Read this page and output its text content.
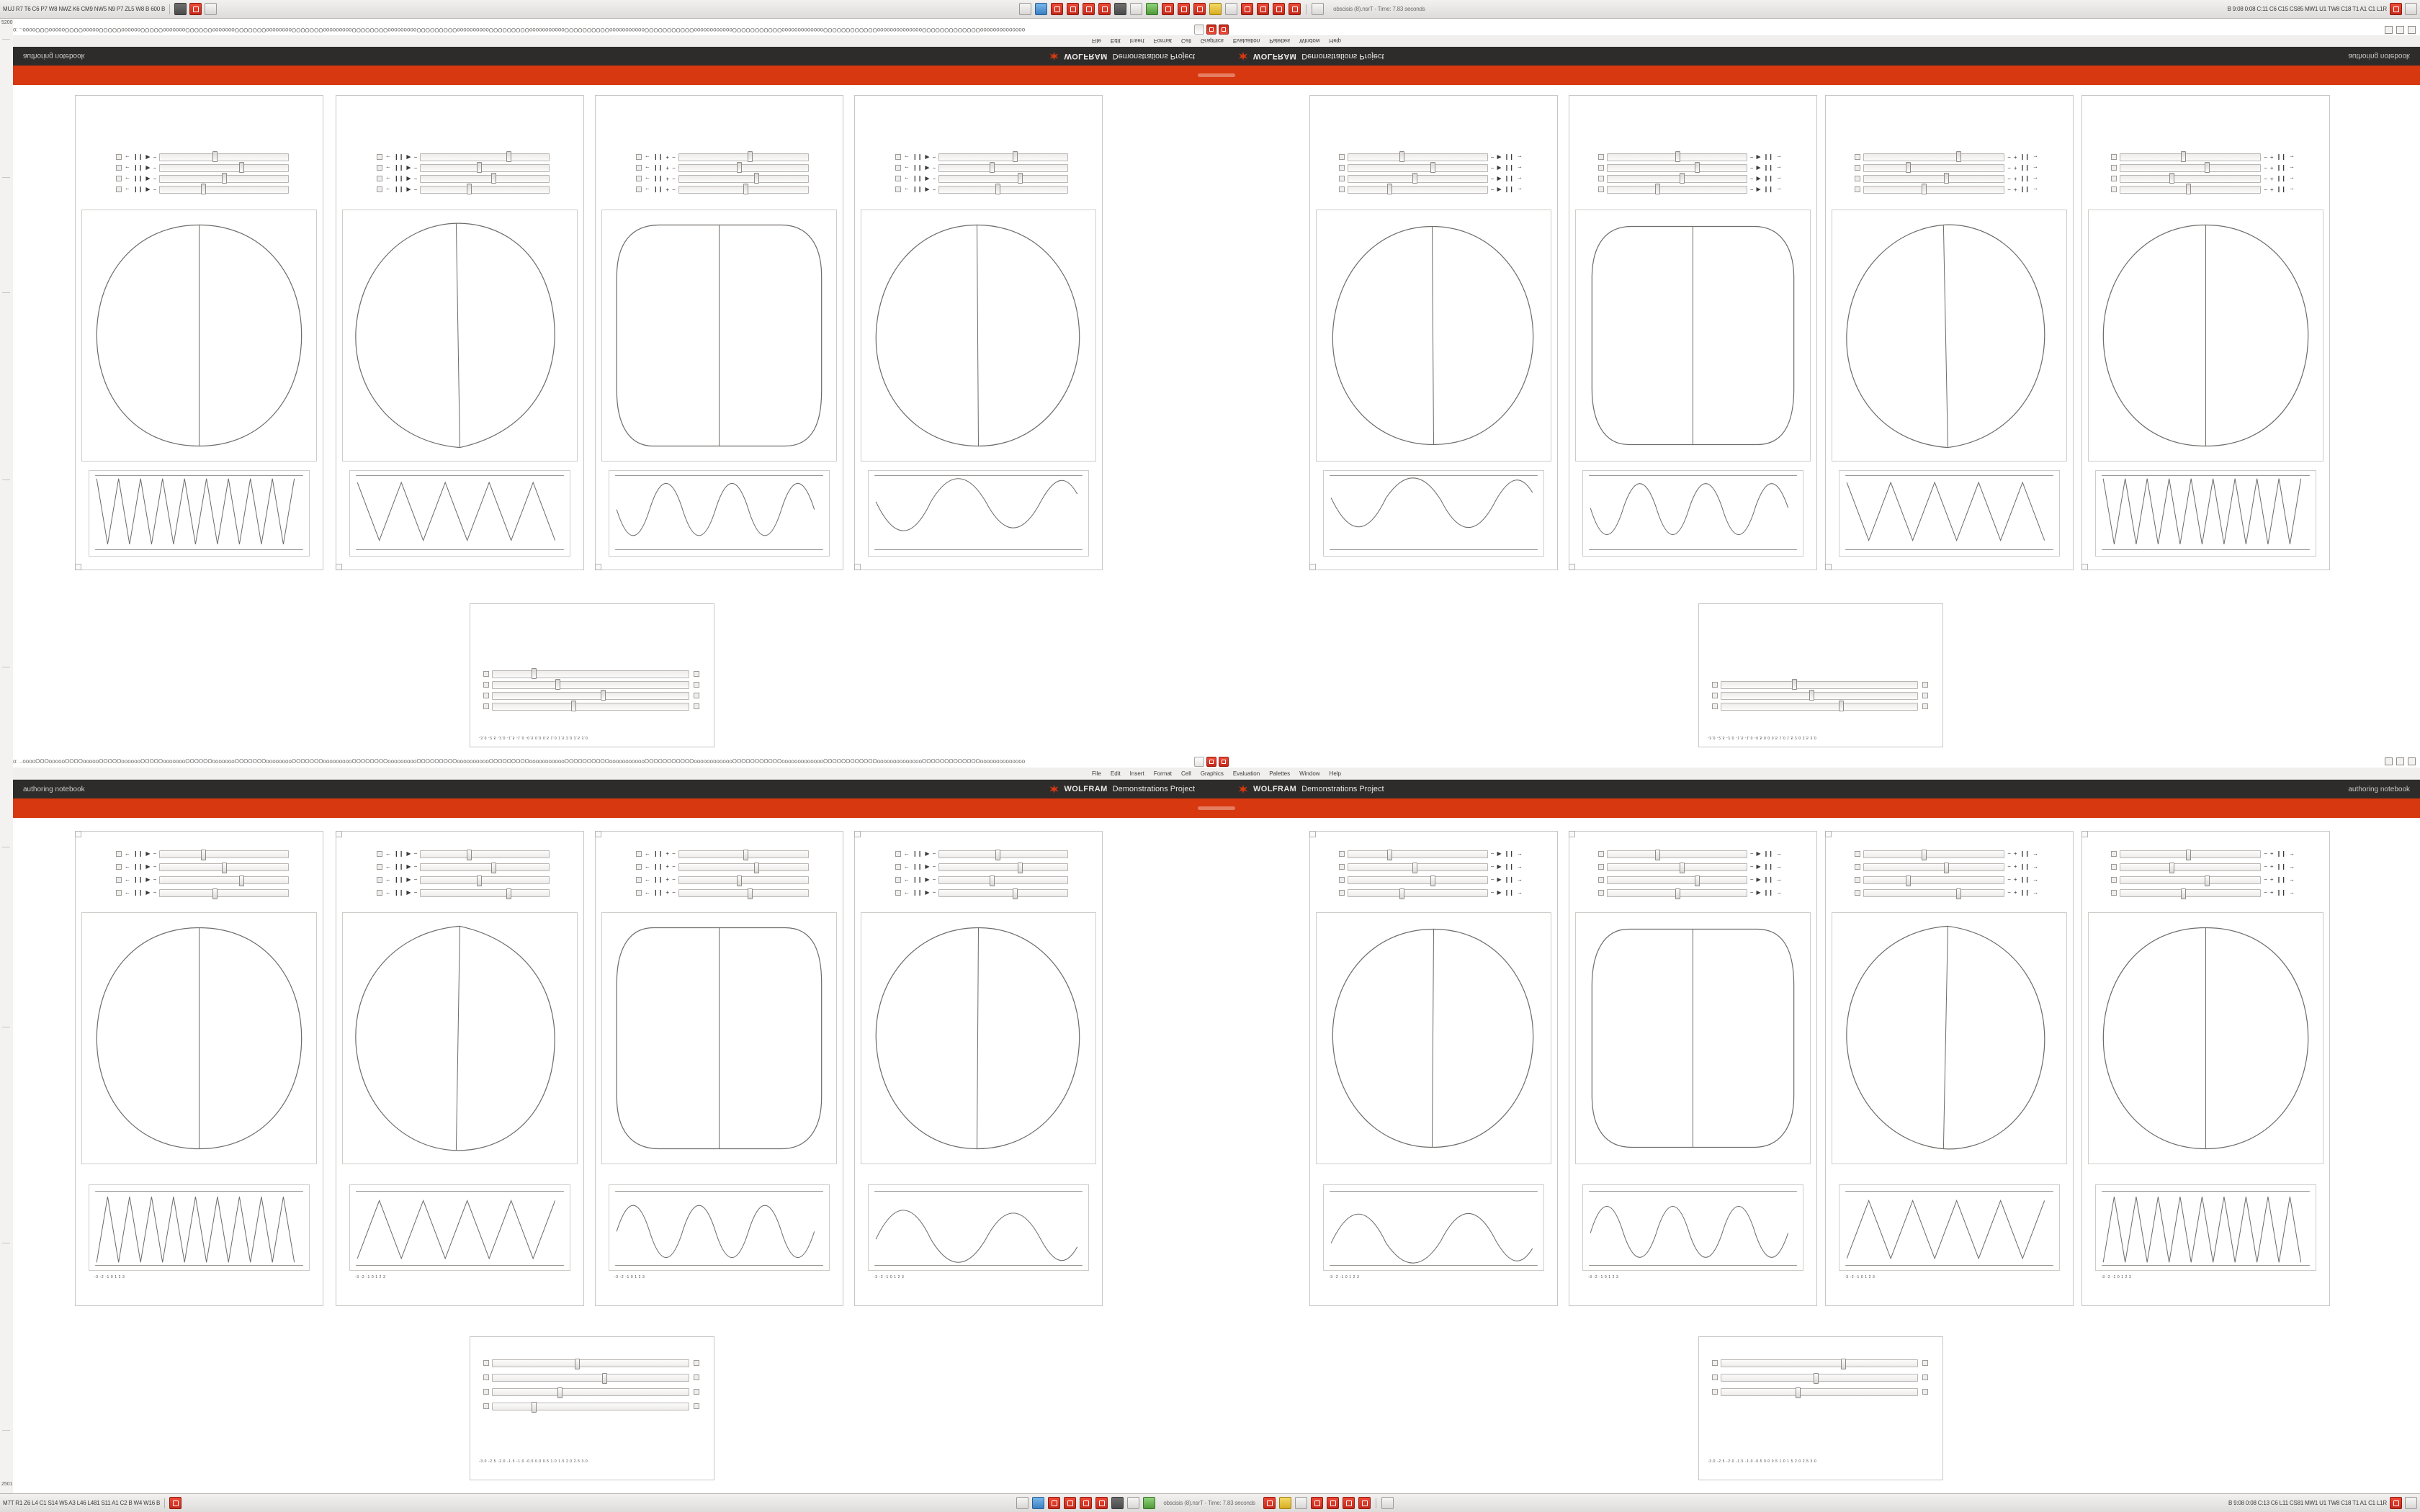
MUJ R7 T6 C6 P7 W8 NWZ K6 CM9 NW5 N9 P7 ZL5 W8 B 600 B	obscisis (8).nsrT - Time: 7.83 seconds	B 9:08 0:08 C:11 C6 C15 CS85 MW1 U1 TW8 C18 T1 A1 C1 L1R
5200
2501
-3.0 -2.5 -2.0 -1.5 -1.0 -0.5 0.0 0.5 1.0 1.5 2.0 2.5 3.0	-3.0 -2.5 -2.0 -1.5 -1.0 -0.5 0.0 0.5 1.0 1.5 2.0 2.5 3.0
← ❙❙ ▶ −
← ❙❙ ▶ −
← ❙❙ ▶ −
← ❙❙ ▶ −
← ❙❙ ▶ −
← ❙❙ ▶ −
← ❙❙ ▶ −
← ❙❙ ▶ −
← ❙❙ + −
← ❙❙ + −
← ❙❙ + −
← ❙❙ + −
← ❙❙ ▶ −
← ❙❙ ▶ −
← ❙❙ ▶ −
← ❙❙ ▶ −
− ▶ ❙❙ →
− ▶ ❙❙ →
− ▶ ❙❙ →
− ▶ ❙❙ →
− ▶ ❙❙ →
− ▶ ❙❙ →
− ▶ ❙❙ →
− ▶ ❙❙ →
− + ❙❙ →
− + ❙❙ →
− + ❙❙ →
− + ❙❙ →
− + ❙❙ →
− + ❙❙ →
− + ❙❙ →
− + ❙❙ →
authoring notebook	WOLFRAM Demonstrations Project	WOLFRAM Demonstrations Project	authoring notebook
File Edit Insert Format Cell Graphics Evaluation Palettes Window Help
o: ..ooooOOOoooooOOOOoooooOOOOOooooooOOOOOoooooooOOOOOOoooooooOOOOOOOooooooooOOOOOOOoooooooooOOOOOOOOoooooooooOOOOOOOOOooooooooooOOOOOOOOOoooooooooooOOOOOOOOOOoooooooooooOOOOOOOOOOOooooooooooooOOOOOOOOOOOoooooooooooooOOOOOOOOOOOOooooooooooooooOOOOOOOOOOOOOoooooooooooooo
o: ..ooooOOOoooooOOOOoooooOOOOOooooooOOOOOoooooooOOOOOOoooooooOOOOOOOooooooooOOOOOOOoooooooooOOOOOOOOoooooooooOOOOOOOOOooooooooooOOOOOOOOOoooooooooooOOOOOOOOOOoooooooooooOOOOOOOOOOOooooooooooooOOOOOOOOOOOoooooooooooooOOOOOOOOOOOOooooooooooooooOOOOOOOOOOOOOoooooooooooooo
File Edit Insert Format Cell Graphics Evaluation Palettes Window Help
authoring notebook	WOLFRAM Demonstrations Project	WOLFRAM Demonstrations Project	authoring notebook
← ❙❙ ▶ −
← ❙❙ ▶ −
← ❙❙ ▶ −
← ❙❙ ▶ −
-3 -2 -1 0 1 2 3
← ❙❙ ▶ −
← ❙❙ ▶ −
← ❙❙ ▶ −
← ❙❙ ▶ −
-3 -2 -1 0 1 2 3
← ❙❙ + −
← ❙❙ + −
← ❙❙ + −
← ❙❙ + −
-3 -2 -1 0 1 2 3
← ❙❙ ▶ −
← ❙❙ ▶ −
← ❙❙ ▶ −
← ❙❙ ▶ −
-3 -2 -1 0 1 2 3
− ▶ ❙❙ →
− ▶ ❙❙ →
− ▶ ❙❙ →
− ▶ ❙❙ →
-3 -2 -1 0 1 2 3
− ▶ ❙❙ →
− ▶ ❙❙ →
− ▶ ❙❙ →
− ▶ ❙❙ →
-3 -2 -1 0 1 2 3
− + ❙❙ →
− + ❙❙ →
− + ❙❙ →
− + ❙❙ →
-3 -2 -1 0 1 2 3
− + ❙❙ →
− + ❙❙ →
− + ❙❙ →
− + ❙❙ →
-3 -2 -1 0 1 2 3
-3.0 -2.5 -2.0 -1.5 -1.0 -0.5 0.0 0.5 1.0 1.5 2.0 2.5 3.0	-3.0 -2.5 -2.0 -1.5 -1.0 -0.5 0.0 0.5 1.0 1.5 2.0 2.5 3.0
M7T R1 Z6 L4 C1 S14 W5 A3 L46 L481 S11 A1 C2 B W4 W16 B	obscisis (8).nsrT - Time: 7.83 seconds	B 9:08 0:08 C:13 C6 L11 CS81 MW1 U1 TW8 C18 T1 A1 C1 L1R
